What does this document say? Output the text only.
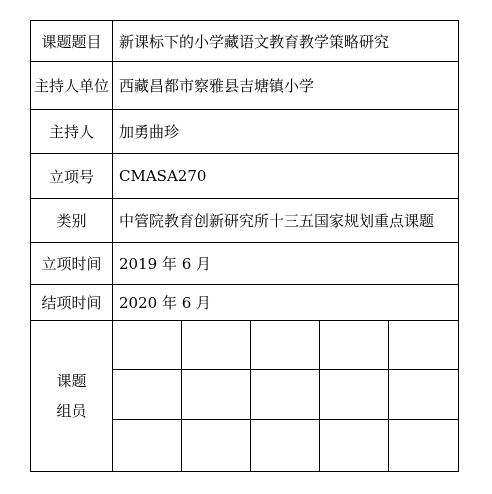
课题题目	新课标下的小学藏语文教育教学策略研究
主持人单位 西藏昌都市察雅县吉塘镇小学
主持人	加勇曲珍
立项号	CMASA270
类别	中管院教育创新研究所十三五国家规划重点课题
立项时间	2019 年 6 月
结项时间	2020 年 6 月
课题
组员
